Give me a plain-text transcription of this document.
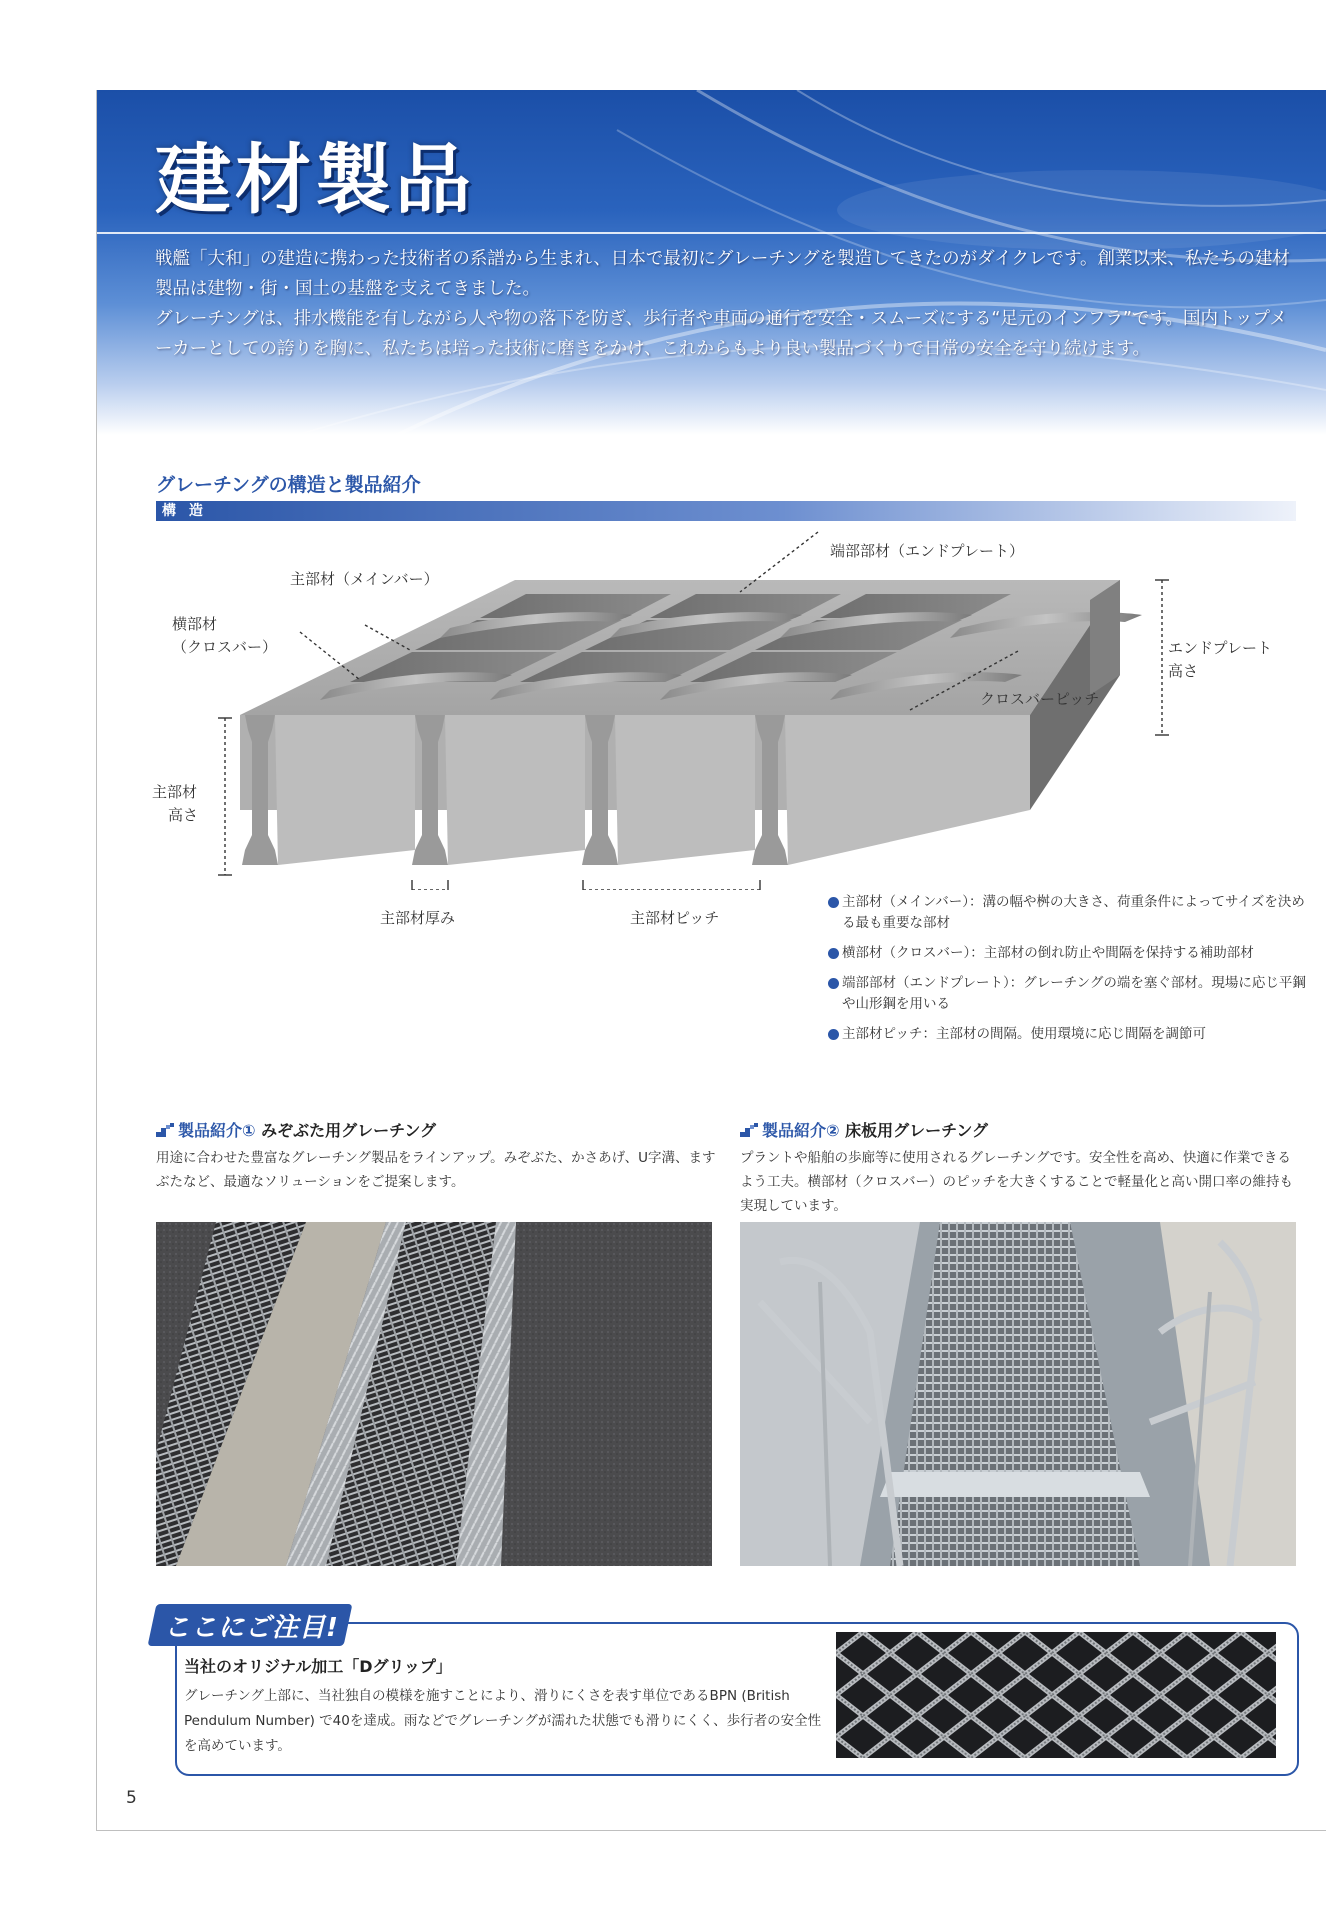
建材製品
戦艦「大和」の建造に携わった技術者の系譜から生まれ、日本で最初にグレーチングを製造してきたのがダイクレです。創業以来、私たちの建材製品は建物・街・国土の基盤を支えてきました。
グレーチングは、排水機能を有しながら人や物の落下を防ぎ、歩行者や車両の通行を安全・スムーズにする“足元のインフラ”です。国内トップメーカーとしての誇りを胸に、私たちは培った技術に磨きをかけ、これからもより良い製品づくりで日常の安全を守り続けます。
グレーチングの構造と製品紹介
構 造
主部材（メインバー）
横部材
（クロスバー）
端部部材（エンドプレート）
エンドプレート
高さ
クロスバーピッチ
主部材
高さ
主部材厚み	主部材ピッチ
主部材（メインバー）：溝の幅や桝の大きさ、荷重条件によってサイズを決める最も重要な部材
横部材（クロスバー）：主部材の倒れ防止や間隔を保持する補助部材
端部部材（エンドプレート）：グレーチングの端を塞ぐ部材。現場に応じ平鋼や山形鋼を用いる
主部材ピッチ：主部材の間隔。使用環境に応じ間隔を調節可
製品紹介① みぞぶた用グレーチング
用途に合わせた豊富なグレーチング製品をラインアップ。みぞぶた、かさあげ、U字溝、ますぶたなど、最適なソリューションをご提案します。
製品紹介② 床板用グレーチング
プラントや船舶の歩廊等に使用されるグレーチングです。安全性を高め、快適に作業できるよう工夫。横部材（クロスバー）のピッチを大きくすることで軽量化と高い開口率の維持も実現しています。
ここにご注目!
当社のオリジナル加工「Dグリップ」
グレーチング上部に、当社独自の模様を施すことにより、滑りにくさを表す単位であるBPN (British Pendulum Number) で40を達成。雨などでグレーチングが濡れた状態でも滑りにくく、歩行者の安全性を高めています。
5
